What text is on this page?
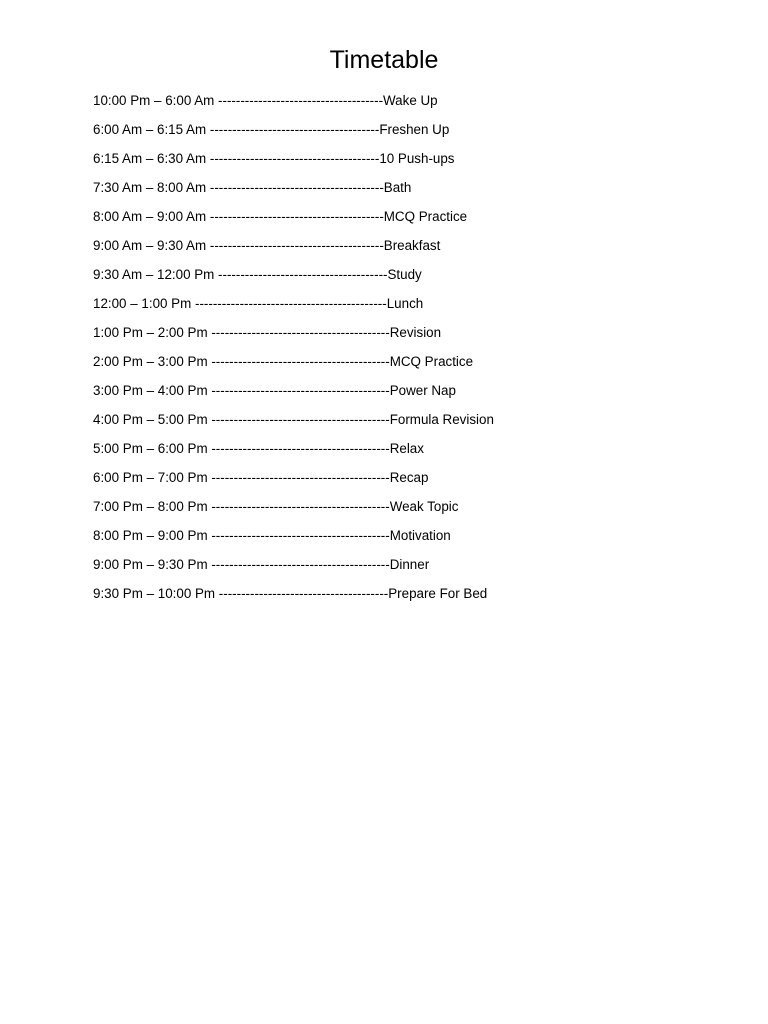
Timetable
10:00 Pm – 6:00 Am -------------------------------------Wake Up
6:00 Am – 6:15 Am --------------------------------------Freshen Up
6:15 Am – 6:30 Am --------------------------------------10 Push-ups
7:30 Am – 8:00 Am ---------------------------------------Bath
8:00 Am – 9:00 Am ---------------------------------------MCQ Practice
9:00 Am – 9:30 Am ---------------------------------------Breakfast
9:30 Am – 12:00 Pm --------------------------------------Study
12:00 – 1:00 Pm -------------------------------------------Lunch
1:00 Pm – 2:00 Pm ----------------------------------------Revision
2:00 Pm – 3:00 Pm ----------------------------------------MCQ Practice
3:00 Pm – 4:00 Pm ----------------------------------------Power Nap
4:00 Pm – 5:00 Pm ----------------------------------------Formula Revision
5:00 Pm – 6:00 Pm ----------------------------------------Relax
6:00 Pm – 7:00 Pm ----------------------------------------Recap
7:00 Pm – 8:00 Pm ----------------------------------------Weak Topic
8:00 Pm – 9:00 Pm ----------------------------------------Motivation
9:00 Pm – 9:30 Pm ----------------------------------------Dinner
9:30 Pm – 10:00 Pm --------------------------------------Prepare For Bed
